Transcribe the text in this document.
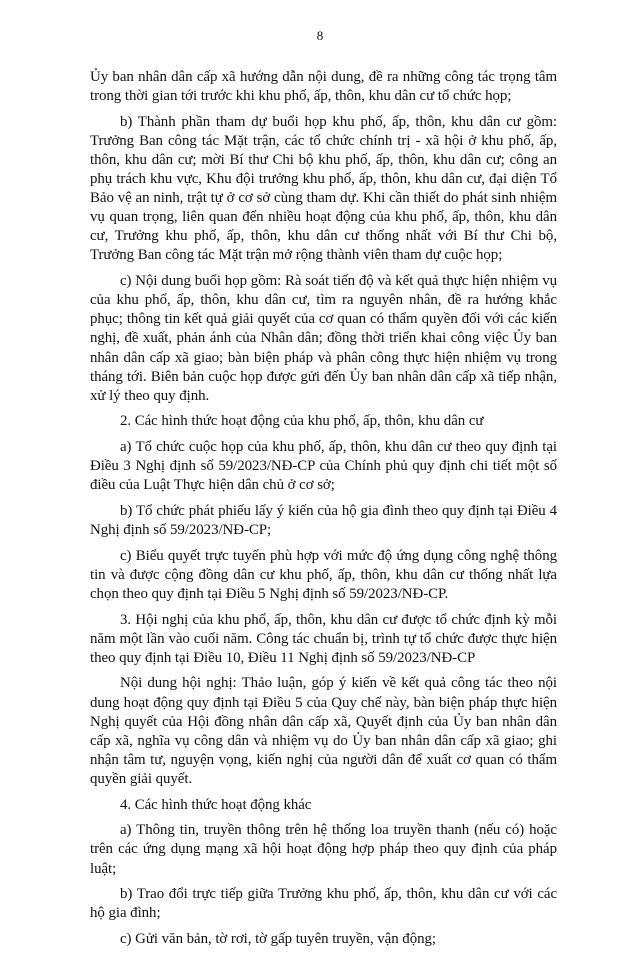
8

Ủy ban nhân dân cấp xã hướng dẫn nội dung, đề ra những công tác trọng tâm trong thời gian tới trước khi khu phố, ấp, thôn, khu dân cư tổ chức họp;

b) Thành phần tham dự buổi họp khu phố, ấp, thôn, khu dân cư gồm: Trưởng Ban công tác Mặt trận, các tổ chức chính trị - xã hội ở khu phố, ấp, thôn, khu dân cư; mời Bí thư Chi bộ khu phố, ấp, thôn, khu dân cư; công an phụ trách khu vực, Khu đội trưởng khu phố, ấp, thôn, khu dân cư, đại diện Tổ Bảo vệ an ninh, trật tự ở cơ sở cùng tham dự. Khi cần thiết do phát sinh nhiệm vụ quan trọng, liên quan đến nhiều hoạt động của khu phố, ấp, thôn, khu dân cư, Trưởng khu phố, ấp, thôn, khu dân cư thống nhất với Bí thư Chi bộ, Trưởng Ban công tác Mặt trận mở rộng thành viên tham dự cuộc họp;

c) Nội dung buổi họp gồm: Rà soát tiến độ và kết quả thực hiện nhiệm vụ của khu phố, ấp, thôn, khu dân cư, tìm ra nguyên nhân, đề ra hướng khắc phục; thông tin kết quả giải quyết của cơ quan có thẩm quyền đối với các kiến nghị, đề xuất, phản ánh của Nhân dân; đồng thời triển khai công việc Ủy ban nhân dân cấp xã giao; bàn biện pháp và phân công thực hiện nhiệm vụ trong tháng tới. Biên bản cuộc họp được gửi đến Ủy ban nhân dân cấp xã tiếp nhận, xử lý theo quy định.

2. Các hình thức hoạt động của khu phố, ấp, thôn, khu dân cư

a) Tổ chức cuộc họp của khu phố, ấp, thôn, khu dân cư theo quy định tại Điều 3 Nghị định số 59/2023/NĐ-CP của Chính phủ quy định chi tiết một số điều của Luật Thực hiện dân chủ ở cơ sở;

b) Tổ chức phát phiếu lấy ý kiến của hộ gia đình theo quy định tại Điều 4 Nghị định số 59/2023/NĐ-CP;

c) Biểu quyết trực tuyến phù hợp với mức độ ứng dụng công nghệ thông tin và được cộng đồng dân cư khu phố, ấp, thôn, khu dân cư thống nhất lựa chọn theo quy định tại Điều 5 Nghị định số 59/2023/NĐ-CP.

3. Hội nghị của khu phố, ấp, thôn, khu dân cư được tổ chức định kỳ mỗi năm một lần vào cuối năm. Công tác chuẩn bị, trình tự tổ chức được thực hiện theo quy định tại Điều 10, Điều 11 Nghị định số 59/2023/NĐ-CP

Nội dung hội nghị: Thảo luận, góp ý kiến về kết quả công tác theo nội dung hoạt động quy định tại Điều 5 của Quy chế này, bàn biện pháp thực hiện Nghị quyết của Hội đồng nhân dân cấp xã, Quyết định của Ủy ban nhân dân cấp xã, nghĩa vụ công dân và nhiệm vụ do Ủy ban nhân dân cấp xã giao; ghi nhận tâm tư, nguyện vọng, kiến nghị của người dân để xuất cơ quan có thẩm quyền giải quyết.

4. Các hình thức hoạt động khác

a) Thông tin, truyền thông trên hệ thống loa truyền thanh (nếu có) hoặc trên các ứng dụng mạng xã hội hoạt động hợp pháp theo quy định của pháp luật;

b) Trao đổi trực tiếp giữa Trưởng khu phố, ấp, thôn, khu dân cư với các hộ gia đình;

c) Gửi văn bản, tờ rơi, tờ gấp tuyên truyền, vận động;
